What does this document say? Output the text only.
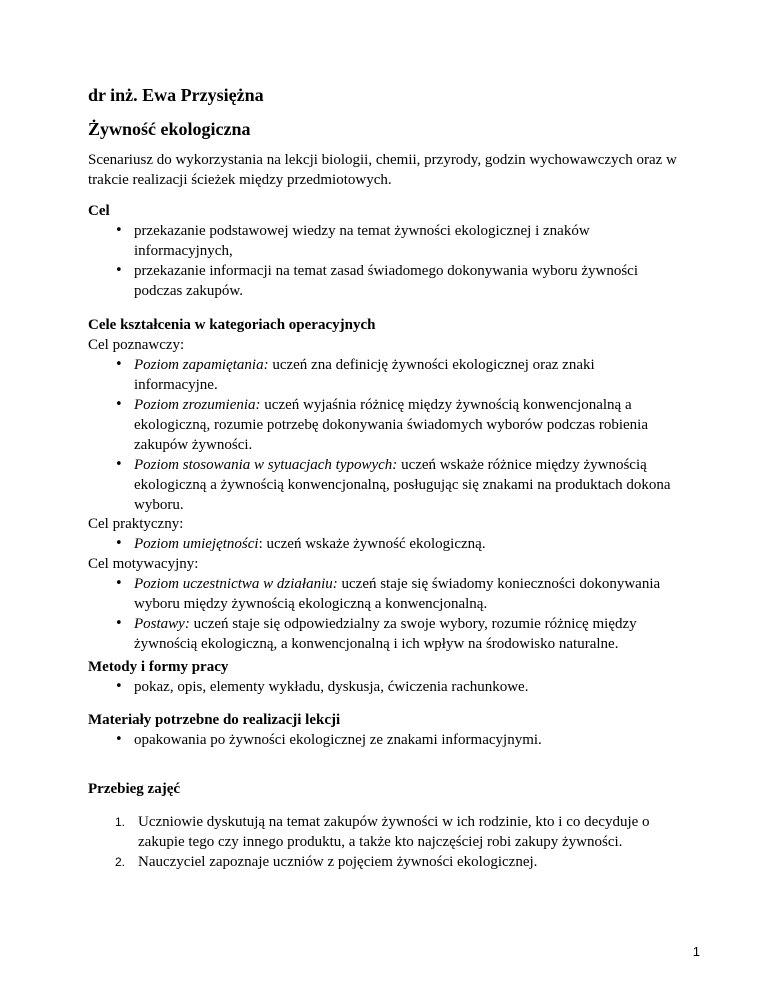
dr inż. Ewa Przysiężna
Żywność ekologiczna
Scenariusz do wykorzystania na lekcji biologii, chemii, przyrody, godzin wychowawczych oraz w trakcie realizacji ścieżek między przedmiotowych.
Cel
• przekazanie podstawowej wiedzy na temat żywności ekologicznej i znaków informacyjnych,
• przekazanie informacji na temat zasad świadomego dokonywania wyboru żywności podczas zakupów.
Cele kształcenia w kategoriach operacyjnych
Cel poznawczy:
• Poziom zapamiętania: uczeń zna definicję żywności ekologicznej oraz znaki informacyjne.
• Poziom zrozumienia: uczeń wyjaśnia różnicę między żywnością konwencjonalną a ekologiczną, rozumie potrzebę dokonywania świadomych wyborów podczas robienia zakupów żywności.
• Poziom stosowania w sytuacjach typowych: uczeń wskaże różnice między żywnością ekologiczną a żywnością konwencjonalną, posługując się znakami na produktach dokona wyboru.
Cel praktyczny:
• Poziom umiejętności: uczeń wskaże żywność ekologiczną.
Cel motywacyjny:
• Poziom uczestnictwa w działaniu: uczeń staje się świadomy konieczności dokonywania wyboru między żywnością ekologiczną a konwencjonalną.
• Postawy: uczeń staje się odpowiedzialny za swoje wybory, rozumie różnicę między żywnością ekologiczną, a konwencjonalną i ich wpływ na środowisko naturalne.
Metody i formy pracy
• pokaz, opis, elementy wykładu, dyskusja, ćwiczenia rachunkowe.
Materiały potrzebne do realizacji lekcji
• opakowania po żywności ekologicznej ze znakami informacyjnymi.
Przebieg zajęć
1. Uczniowie dyskutują na temat zakupów żywności w ich rodzinie, kto i co decyduje o zakupie tego czy innego produktu, a także kto najczęściej robi zakupy żywności.
2. Nauczyciel zapoznaje uczniów z pojęciem żywności ekologicznej.
1
